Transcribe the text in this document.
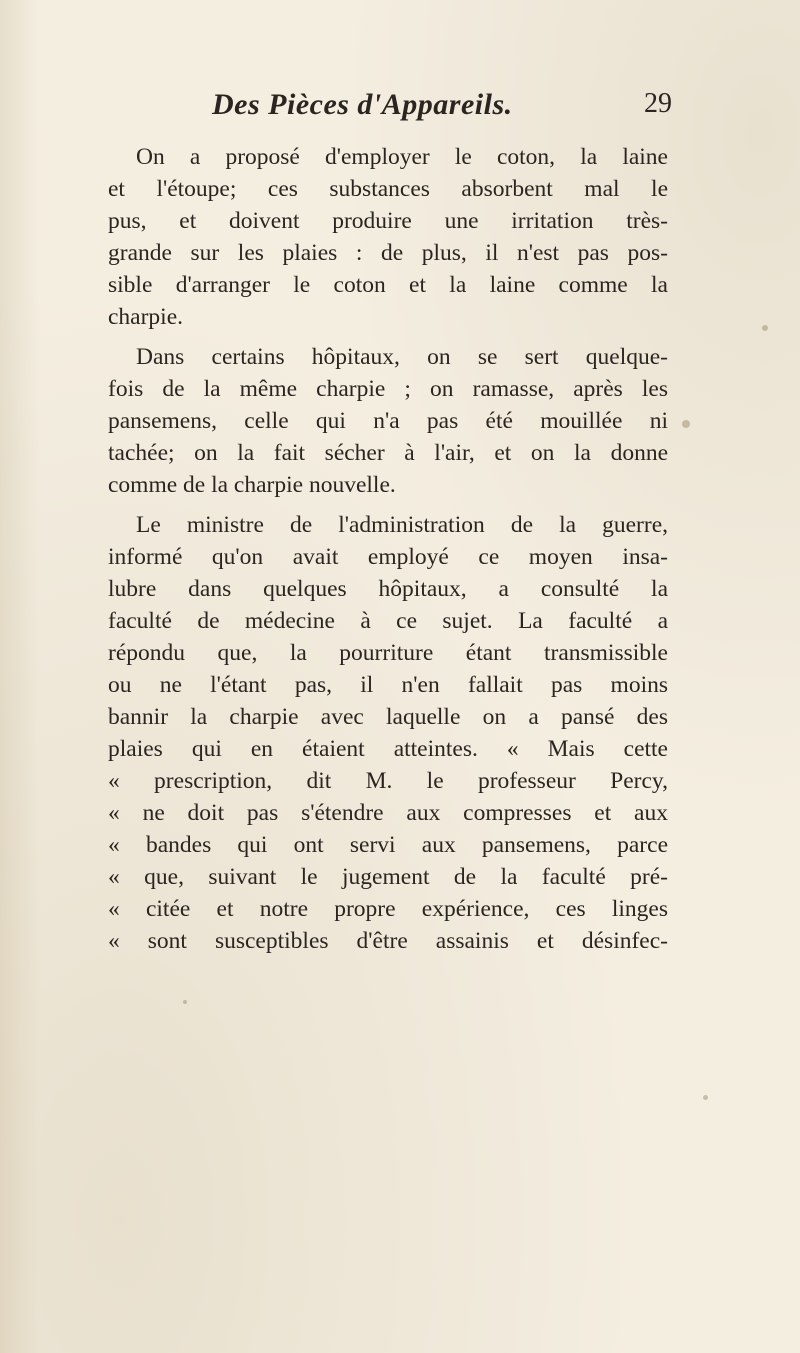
Des Pièces d'Appareils.	29
On a proposé d'employer le coton, la laine
et l'étoupe; ces substances absorbent mal le
pus, et doivent produire une irritation très-
grande sur les plaies : de plus, il n'est pas pos-
sible d'arranger le coton et la laine comme la
charpie.
Dans certains hôpitaux, on se sert quelque-
fois de la même charpie ; on ramasse, après les
pansemens, celle qui n'a pas été mouillée ni
tachée; on la fait sécher à l'air, et on la donne
comme de la charpie nouvelle.
Le ministre de l'administration de la guerre,
informé qu'on avait employé ce moyen insa-
lubre dans quelques hôpitaux, a consulté la
faculté de médecine à ce sujet. La faculté a
répondu que, la pourriture étant transmissible
ou ne l'étant pas, il n'en fallait pas moins
bannir la charpie avec laquelle on a pansé des
plaies qui en étaient atteintes. « Mais cette
« prescription, dit M. le professeur Percy,
« ne doit pas s'étendre aux compresses et aux
« bandes qui ont servi aux pansemens, parce
« que, suivant le jugement de la faculté pré-
« citée et notre propre expérience, ces linges
« sont susceptibles d'être assainis et désinfec-
